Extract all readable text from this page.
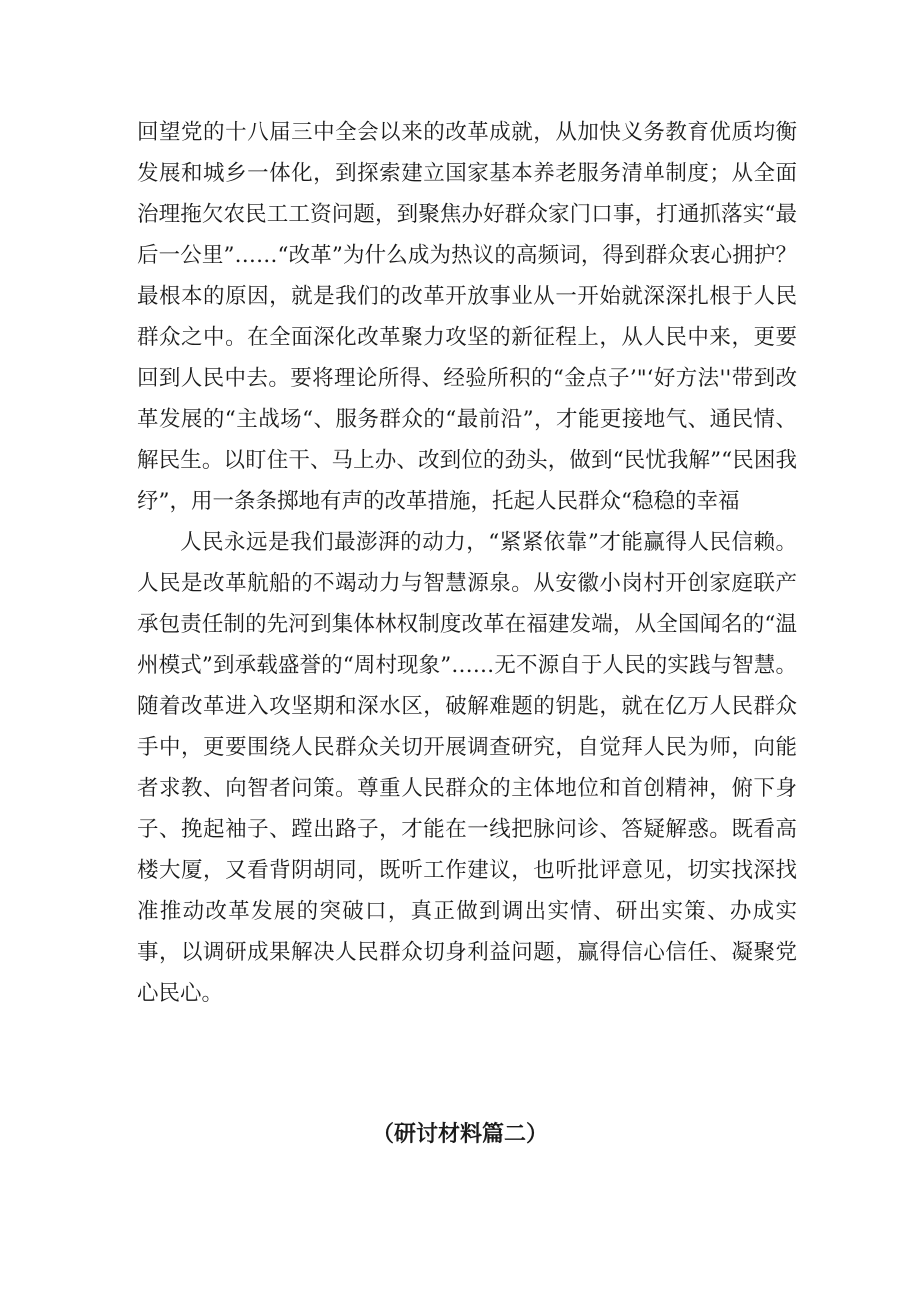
回望党的十八届三中全会以来的改革成就，从加快义务教育优质均衡发展和城乡一体化，到探索建立国家基本养老服务清单制度；从全面治理拖欠农民工工资问题，到聚焦办好群众家门口事，打通抓落实“最后一公里”……“改革”为什么成为热议的高频词，得到群众衷心拥护？最根本的原因，就是我们的改革开放事业从一开始就深深扎根于人民群众之中。在全面深化改革聚力攻坚的新征程上，从人民中来，更要回到人民中去。要将理论所得、经验所积的“金点子’"‘好方法''带到改革发展的“主战场“、服务群众的“最前沿”，才能更接地气、通民情、解民生。以盯住干、马上办、改到位的劲头，做到“民忧我解”“民困我纾”，用一条条掷地有声的改革措施，托起人民群众“稳稳的幸福

人民永远是我们最澎湃的动力，“紧紧依靠”才能赢得人民信赖。人民是改革航船的不竭动力与智慧源泉。从安徽小岗村开创家庭联产承包责任制的先河到集体林权制度改革在福建发端，从全国闻名的“温州模式”到承载盛誉的“周村现象”……无不源自于人民的实践与智慧。随着改革进入攻坚期和深水区，破解难题的钥匙，就在亿万人民群众手中，更要围绕人民群众关切开展调查研究，自觉拜人民为师，向能者求教、向智者问策。尊重人民群众的主体地位和首创精神，俯下身子、挽起袖子、蹚出路子，才能在一线把脉问诊、答疑解惑。既看高楼大厦，又看背阴胡同，既听工作建议，也听批评意见，切实找深找准推动改革发展的突破口，真正做到调出实情、研出实策、办成实事，以调研成果解决人民群众切身利益问题，赢得信心信任、凝聚党心民心。

（研讨材料篇二）
